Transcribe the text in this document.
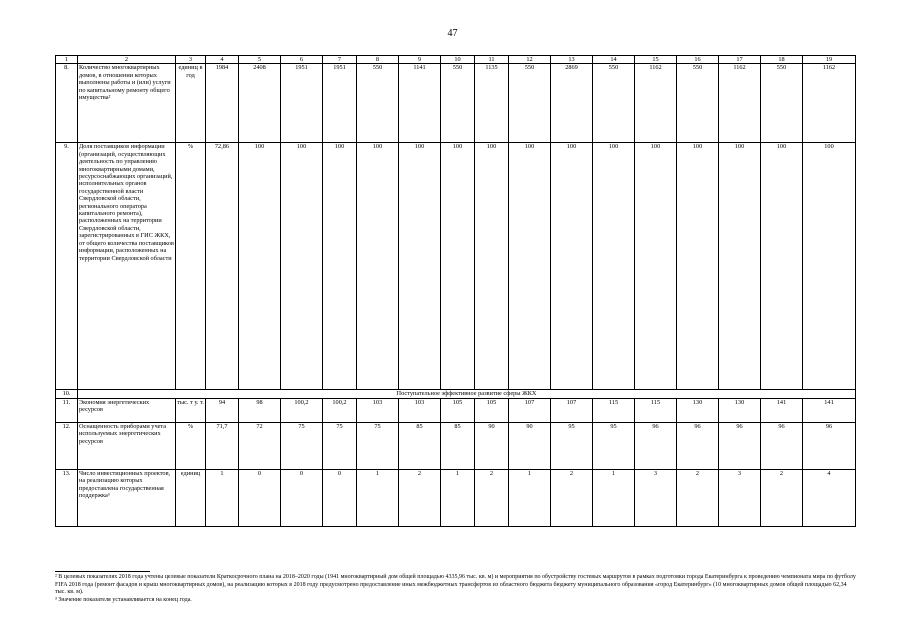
47
1	2	3	4	5	6	7	8	9	10	11	12	13	14	15	16	17	18	19
8.	Количество многоквартирных домов, в отношении которых выполнены работы и (или) услуги по капитальному ремонту общего имущества²	единиц в год	1984	2408	1951	1951	550	1141	550	1135	550	2869	550	1162	550	1162	550	1162
9.	Доля поставщиков информации (организаций, осуществляющих деятельность по управлению многоквартирными домами, ресурсоснабжающих организаций, исполнительных органов государственной власти Свердловской области, регионального оператора капитального ремонта), расположенных на территории Свердловской области, зарегистрированных в ГИС ЖКХ, от общего количества поставщиков информации, расположенных на территории Свердловской области	%	72,86	100	100	100	100	100	100	100	100	100	100	100	100	100	100	100
10.	Поступательное эффективное развитие сферы ЖКХ																	
11.	Экономия энергетических ресурсов	тыс. т у. т.	94	98	100,2	100,2	103	103	105	105	107	107	115	115	130	130	141	141
12.	Оснащенность приборами учета используемых энергетических ресурсов	%	71,7	72	75	75	75	85	85	90	90	95	95	96	96	96	96	96
13.	Число инвестиционных проектов, на реализацию которых предоставлена государственная поддержка³	единиц	1	0	0	0	1	2	1	2	1	2	1	3	2	3	2	4

² В целевых показателях 2018 года учтены целевые показатели Краткосрочного плана на 2018–2020 годы (1941 многоквартирный дом общей площадью 4335,96 тыс. кв. м) и мероприятия по обустройству гостевых маршрутов в рамках подготовки города Екатеринбурга к проведению чемпионата мира по футболу FIFA 2018 года (ремонт фасадов и крыш многоквартирных домов), на реализацию которых в 2018 году предусмотрено предоставление иных межбюджетных трансфертов из областного бюджета бюджету муниципального образования «город Екатеринбург» (10 многоквартирных домов общей площадью 62,34 тыс. кв. м).

³ Значение показателя устанавливается на конец года.
